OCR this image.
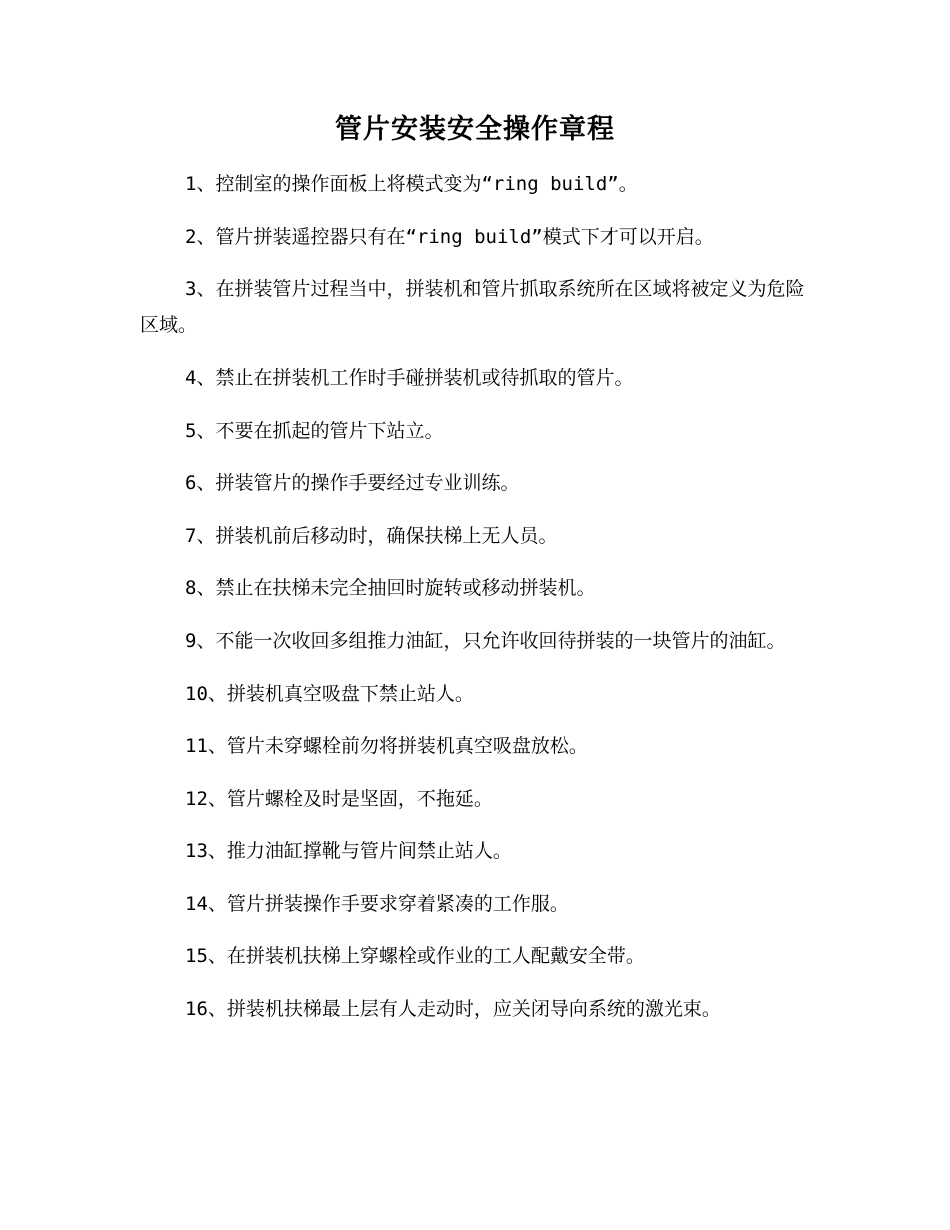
管片安装安全操作章程

1、控制室的操作面板上将模式变为“ring build”。

2、管片拼装遥控器只有在“ring build”模式下才可以开启。

3、在拼装管片过程当中，拼装机和管片抓取系统所在区域将被定义为危险区域。

4、禁止在拼装机工作时手碰拼装机或待抓取的管片。

5、不要在抓起的管片下站立。

6、拼装管片的操作手要经过专业训练。

7、拼装机前后移动时，确保扶梯上无人员。

8、禁止在扶梯未完全抽回时旋转或移动拼装机。

9、不能一次收回多组推力油缸，只允许收回待拼装的一块管片的油缸。

10、拼装机真空吸盘下禁止站人。

11、管片未穿螺栓前勿将拼装机真空吸盘放松。

12、管片螺栓及时是坚固，不拖延。

13、推力油缸撑靴与管片间禁止站人。

14、管片拼装操作手要求穿着紧凑的工作服。

15、在拼装机扶梯上穿螺栓或作业的工人配戴安全带。

16、拼装机扶梯最上层有人走动时，应关闭导向系统的激光束。
